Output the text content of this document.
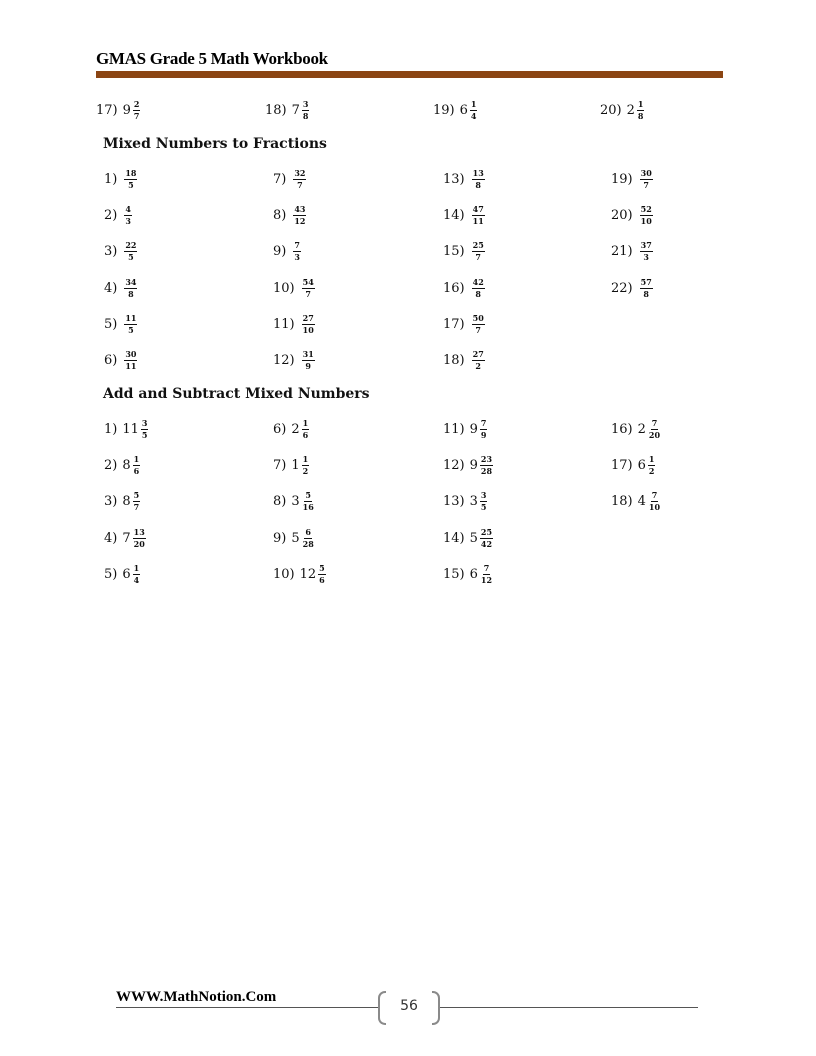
GMAS Grade 5 Math Workbook
17) $9 \frac{2}{7}$	18) $7 \frac{3}{8}$	19) $6 \frac{1}{4}$	20) $2 \frac{1}{8}$
Mixed Numbers to Fractions
$1) \frac{18}{5}$
$2) \frac{4}{3}$
$3) \frac{22}{5}$
$4) \frac{34}{8}$
$5) \frac{11}{5}$
$6) \frac{30}{11}$
$7) \frac{32}{7}$
$8) \frac{43}{12}$
$9) \frac{7}{3}$
$10) \frac{54}{7}$
$11) \frac{27}{10}$
$12) \frac{31}{9}$
$13) \frac{13}{8}$
$14) \frac{47}{11}$
$15) \frac{25}{7}$
$16) \frac{42}{8}$
$17) \frac{50}{7}$
$18) \frac{27}{2}$
$19) \frac{30}{7}$
$20) \frac{52}{10}$
$21) \frac{37}{3}$
$22) \frac{57}{8}$
Add and Subtract Mixed Numbers
1) $11 \frac{3}{5}$
2) $8 \frac{1}{6}$
3) $8 \frac{5}{7}$
4) $7 \frac{13}{20}$
5) $6 \frac{1}{4}$
6) $2 \frac{1}{6}$
7) $1 \frac{1}{2}$
8) $3 \frac{5}{16}$
9) $5 \frac{6}{28}$
10) $12 \frac{5}{6}$
11) $9 \frac{7}{9}$
12) $9 \frac{23}{28}$
13) $3 \frac{3}{5}$
14) $5 \frac{25}{42}$
15) $6 \frac{7}{12}$
16) $2 \frac{7}{20}$
17) $6 \frac{1}{2}$
18) $4 \frac{7}{10}$
WWW.MathNotion.Com
56
